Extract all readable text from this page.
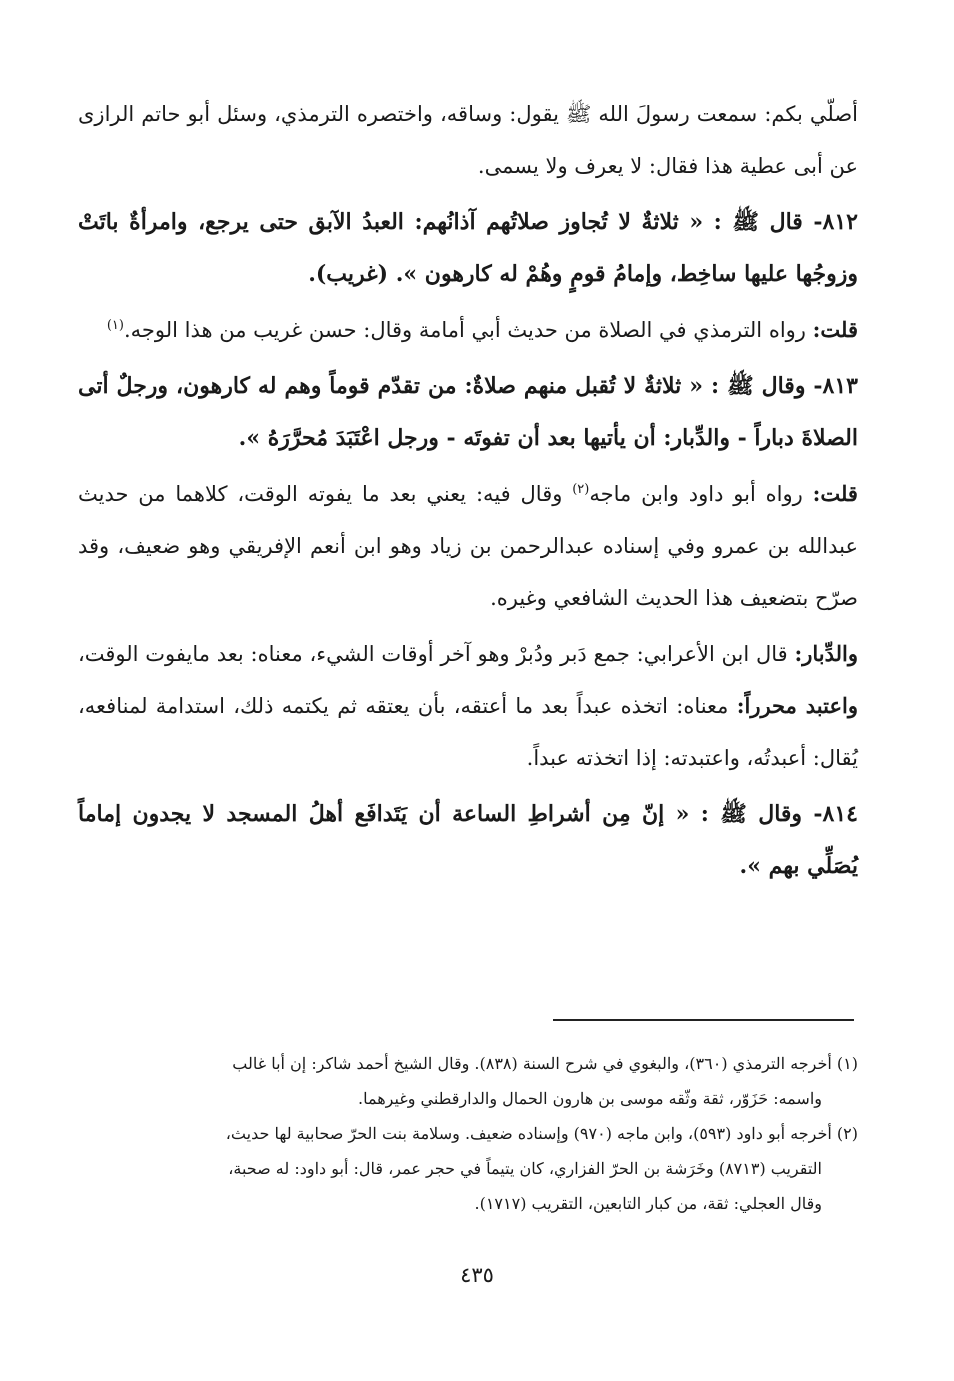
أصلّي بكم: سمعت رسولَ الله ﷺ يقول: وساقه، واختصره الترمذي، وسئل أبو حاتم الرازى عن أبى عطية هذا فقال: لا يعرف ولا يسمى.

٨١٢- قال ﷺ : « ثلاثةٌ لا تُجاوز صلاتُهم آذانُهم: العبدُ الآبق حتى يرجع، وامرأةٌ باتَتْ وزوجُها عليها ساخِط، وإمامُ قومٍ وهُمْ له كارهون ». (غريب).

قلت: رواه الترمذي في الصلاة من حديث أبي أمامة وقال: حسن غريب من هذا الوجه.$^{(١)}$

٨١٣- وقال ﷺ : « ثلاثةٌ لا تُقبل منهم صلاةٌ: من تقدّم قوماً وهم له كارهون، ورجلٌ أتى الصلاةَ دباراً - والدِّبار: أن يأتيها بعد أن تفوتَه - ورجل اعْتَبَدَ مُحرَّرَهُ ».

قلت: رواه أبو داود وابن ماجه$^{(٢)}$ وقال فيه: يعني بعد ما يفوته الوقت، كلاهما من حديث عبدالله بن عمرو وفي إسناده عبدالرحمن بن زياد وهو ابن أنعم الإفريقي وهو ضعيف، وقد صرّح بتضعيف هذا الحديث الشافعي وغيره.

والدِّبار: قال ابن الأعرابي: جمع دَبر ودُبرْ وهو آخر أوقات الشيء، معناه: بعد مايفوت الوقت، واعتبد محرراً: معناه: اتخذه عبداً بعد ما أعتقه، بأن يعتقه ثم يكتمه ذلك، استدامة لمنافعه، يُقال: أعبدتُه، واعتبدته: إذا اتخذته عبداً.

٨١٤- وقال ﷺ : « إنّ مِن أشراطِ الساعة أن يَتَدافَع أهلُ المسجد لا يجدون إماماً يُصَلِّي بهم ».

(١) أخرجه الترمذي (٣٦٠)، والبغوي في شرح السنة (٨٣٨). وقال الشيخ أحمد شاكر: إن أبا غالب

واسمه: حَزَوّر، ثقة وثّقه موسى بن هارون الحمال والدارقطني وغيرهما.

(٢) أخرجه أبو داود (٥٩٣)، وابن ماجه (٩٧٠) وإسناده ضعيف. وسلامة بنت الحرّ صحابية لها حديث،

التقريب (٨٧١٣) وخَرَشة بن الحرّ الفزاري، كان يتيماً في حجر عمر، قال: أبو داود: له صحبة،

وقال العجلي: ثقة، من كبار التابعين، التقريب (١٧١٧).

٤٣٥
